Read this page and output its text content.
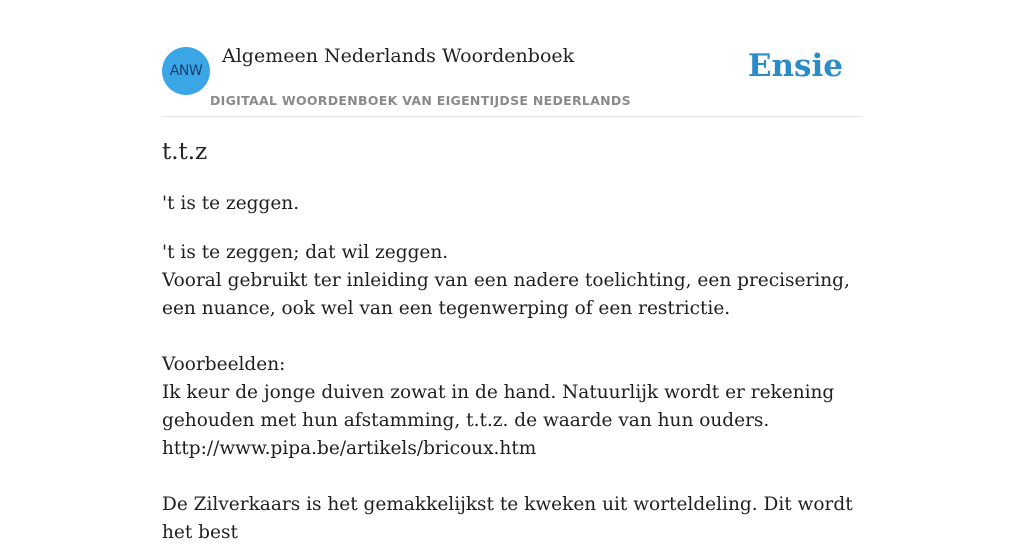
ANW
Algemeen Nederlands Woordenboek
DIGITAAL WOORDENBOEK VAN EIGENTIJDSE NEDERLANDS
Ensie
t.t.z
't is te zeggen.

't is te zeggen; dat wil zeggen.

Vooral gebruikt ter inleiding van een nadere toelichting, een precisering, een nuance, ook wel van een tegenwerping of een restrictie.

Voorbeelden:

Ik keur de jonge duiven zowat in de hand. Natuurlijk wordt er rekening gehouden met hun afstamming, t.t.z. de waarde van hun ouders.

http://www.pipa.be/artikels/bricoux.htm

De Zilverkaars is het gemakkelijkst te kweken uit worteldeling. Dit wordt het best
